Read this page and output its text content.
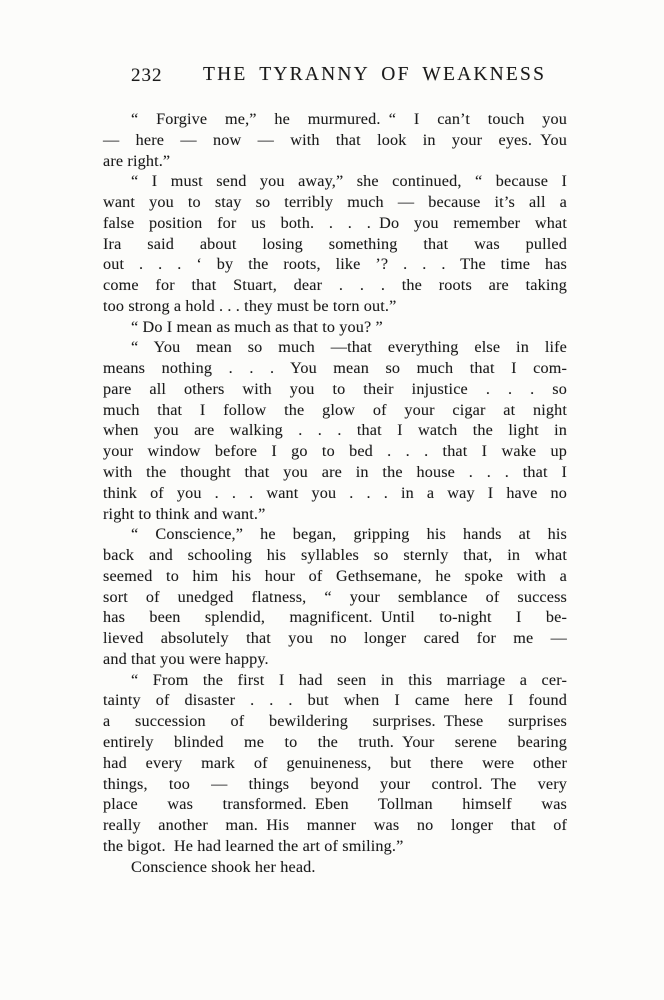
232 THE TYRANNY OF WEAKNESS
“ Forgive me,” he murmured. “ I can’t touch you
— here — now — with that look in your eyes. You
are right.”
“ I must send you away,” she continued, “ because I
want you to stay so terribly much — because it’s all a
false position for us both. . . . Do you remember what
Ira said about losing something that was pulled
out . . . ‘ by the roots, like ’? . . . The time has
come for that Stuart, dear . . . the roots are taking
too strong a hold . . . they must be torn out.”
“ Do I mean as much as that to you? ”
“ You mean so much —that everything else in life
means nothing . . . You mean so much that I com-
pare all others with you to their injustice . . . so
much that I follow the glow of your cigar at night
when you are walking . . . that I watch the light in
your window before I go to bed . . . that I wake up
with the thought that you are in the house . . . that I
think of you . . . want you . . . in a way I have no
right to think and want.”
“ Conscience,” he began, gripping his hands at his
back and schooling his syllables so sternly that, in what
seemed to him his hour of Gethsemane, he spoke with a
sort of unedged flatness, “ your semblance of success
has been splendid, magnificent. Until to-night I be-
lieved absolutely that you no longer cared for me —
and that you were happy.
“ From the first I had seen in this marriage a cer-
tainty of disaster . . . but when I came here I found
a succession of bewildering surprises. These surprises
entirely blinded me to the truth. Your serene bearing
had every mark of genuineness, but there were other
things, too — things beyond your control. The very
place was transformed. Eben Tollman himself was
really another man. His manner was no longer that of
the bigot. He had learned the art of smiling.”
Conscience shook her head.
